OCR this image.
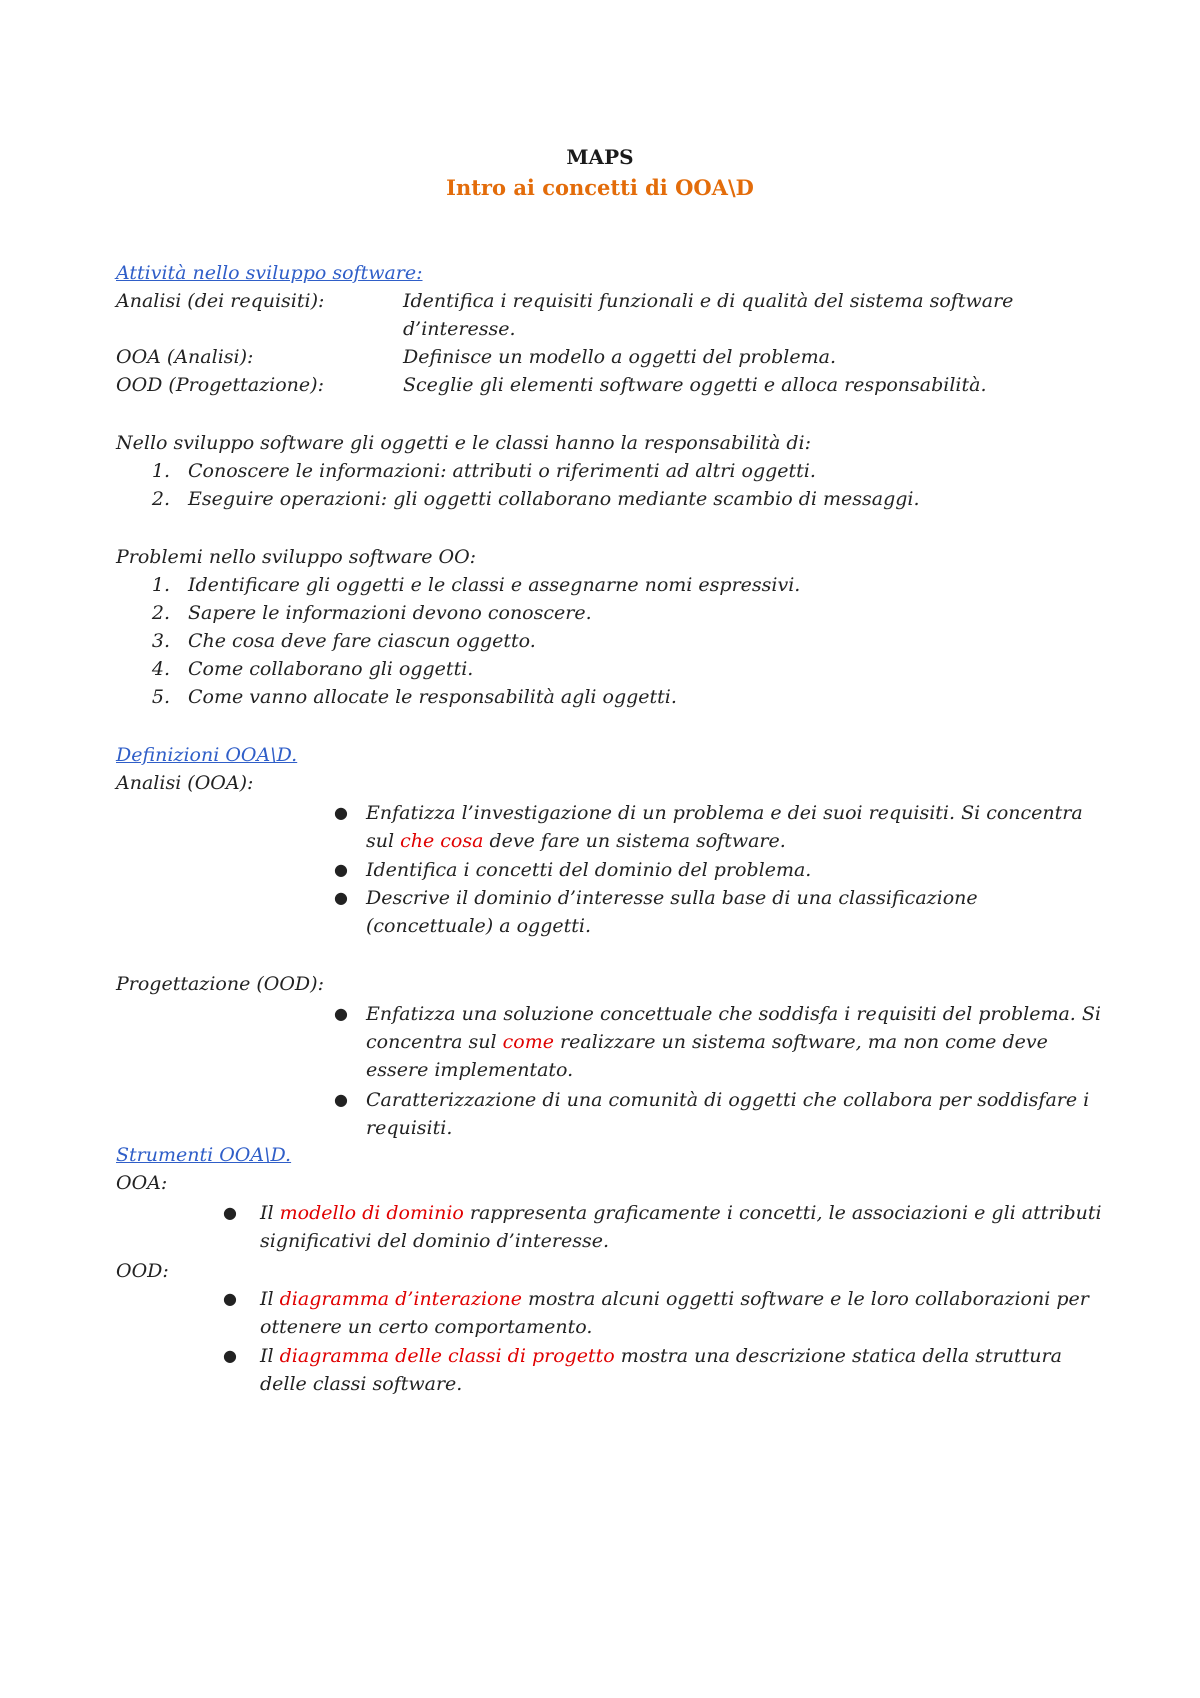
MAPS
Intro ai concetti di OOA\D
Attività nello sviluppo software:
Analisi (dei requisiti):	Identifica i requisiti funzionali e di qualità del sistema software
d’interesse.
OOA (Analisi):	Definisce un modello a oggetti del problema.
OOD (Progettazione):	Sceglie gli elementi software oggetti e alloca responsabilità.
Nello sviluppo software gli oggetti e le classi hanno la responsabilità di:
1. Conoscere le informazioni: attributi o riferimenti ad altri oggetti.
2. Eseguire operazioni: gli oggetti collaborano mediante scambio di messaggi.
Problemi nello sviluppo software OO:
1. Identificare gli oggetti e le classi e assegnarne nomi espressivi.
2. Sapere le informazioni devono conoscere.
3. Che cosa deve fare ciascun oggetto.
4. Come collaborano gli oggetti.
5. Come vanno allocate le responsabilità agli oggetti.
Definizioni OOA\D.
Analisi (OOA):
● Enfatizza l’investigazione di un problema e dei suoi requisiti. Si concentra sul che cosa deve fare un sistema software.
● Identifica i concetti del dominio del problema.
● Descrive il dominio d’interesse sulla base di una classificazione (concettuale) a oggetti.
Progettazione (OOD):
● Enfatizza una soluzione concettuale che soddisfa i requisiti del problema. Si concentra sul come realizzare un sistema software, ma non come deve essere implementato.
● Caratterizzazione di una comunità di oggetti che collabora per soddisfare i requisiti.
Strumenti OOA\D.
OOA:
● Il modello di dominio rappresenta graficamente i concetti, le associazioni e gli attributi significativi del dominio d’interesse.
OOD:
● Il diagramma d’interazione mostra alcuni oggetti software e le loro collaborazioni per ottenere un certo comportamento.
● Il diagramma delle classi di progetto mostra una descrizione statica della struttura delle classi software.
